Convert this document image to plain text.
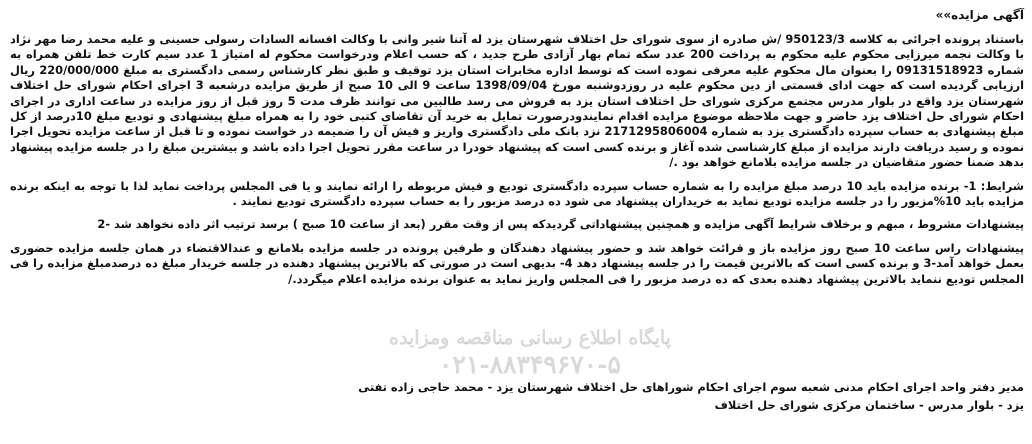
آگهی مزایده»»

باستناد پرونده اجرائی به کلاسه 950123/3 /ش صادره از سوی شورای حل اختلاف شهرستان یزد له آتنا شیر وانی با وکالت افسانه السادات رسولی حسینی و علیه محمد رضا مهر نژاد با وکالت نجمه میرزایی محکوم علیه محکوم به پرداخت 200 عدد سکه تمام بهار آزادی طرح جدید ، که حسب اعلام ودرخواست محکوم له امتیاز 1 عدد سیم کارت خط تلفن همراه به شماره 09131518923 را بعنوان مال محکوم علیه معرفی نموده است که توسط اداره مخابرات استان یزد توقیف و طبق نظر کارشناس رسمی دادگستری به مبلغ 220/000/000 ریال ارزیابی گردیده است که جهت ادای قسمتی از دین محکوم علیه در روزدوشنبه مورخ 1398/09/04 ساعت 9 الی 10 صبح از طریق مزایده درشعبه 3 اجرای احکام شورای حل اختلاف شهرستان یزد واقع در بلوار مدرس مجتمع مرکزی شورای حل اختلاف استان یزد به فروش می رسد طالبین می توانند ظرف مدت 5 روز قبل از روز مزایده در ساعت اداری در اجرای احکام شورای حل اختلاف یزد حاضر و جهت ملاحظه موضوع مزایده اقدام نمایندودرصورت تمایل به خرید آن تقاضای کتبی خود را به همراه مبلغ پیشنهادی و تودیع مبلغ 10درصد از کل مبلغ پیشنهادی به حساب سپرده دادگستری یزد به شماره 2171295806004 نزد بانک ملی دادگستری واریز و فیش آن را ضمیمه در خواست نموده و تا قبل از ساعت مزایده تحویل اجرا نموده و رسید دریافت دارند مزایده از مبلغ کارشناسی شده آغاز و برنده کسی است که پیشنهاد خودرا در ساعت مقرر تحویل اجرا داده باشد و بیشترین مبلغ را در جلسه مزایده پیشنهاد بدهد ضمنا حضور متقاضیان در جلسه مزایده بلامانع خواهد بود ./

شرایط: 1- برنده مزایده باید 10 درصد مبلغ مزایده را به شماره حساب سپرده دادگستری تودیع و فیش مربوطه را ارائه نمایند و یا فی المجلس پرداخت نماید لذا با توجه به اینکه برنده مزایده باید 10%مزیور را در جلسه مزایده تودیع نماید به خریداران پیشنهاد می شود ده درصد مزبور را به حساب سپرده دادگستری تودیع نمایند .

پیشنهادات مشروط ، مبهم و برخلاف شرایط آگهی مزایده و همچنین پیشنهاداتی گردیدکه پس از وقت مقرر (بعد از ساعت 10 صبح ) برسد ترتیب اثر داده نخواهد شد -2

پیشنهادات راس ساعت 10 صبح روز مزایده باز و قرائت خواهد شد و حضور پیشنهاد دهندگان و طرفین پرونده در جلسه مزایده بلامانع و عندالاقتضاء در همان جلسه مزایده حضوری بعمل خواهد آمد-3 و برنده کسی است که بالاترین قیمت را در جلسه پیشنهاد دهد 4- بدیهی است در صورتی که بالاترین پیشنهاد دهنده در جلسه خریدار مبلغ ده درصدمبلغ مزایده را فی المجلس تودیع ننماید بالاترین پیشنهاد دهنده بعدی که ده درصد مزبور را فی المجلس واریز نماید به عنوان برنده مزایده اعلام میگردد./

پایگاه اطلاع رسانی مناقصه ومزایده
۰۲۱-۸۸۳۴۹۶۷۰-۵

مدیر دفتر واحد اجرای احکام مدنی شعبه سوم اجرای احکام شوراهای حل اختلاف شهرستان یزد - محمد حاجی زاده تفتی

یزد - بلوار مدرس - ساختمان مرکزی شورای حل اختلاف
